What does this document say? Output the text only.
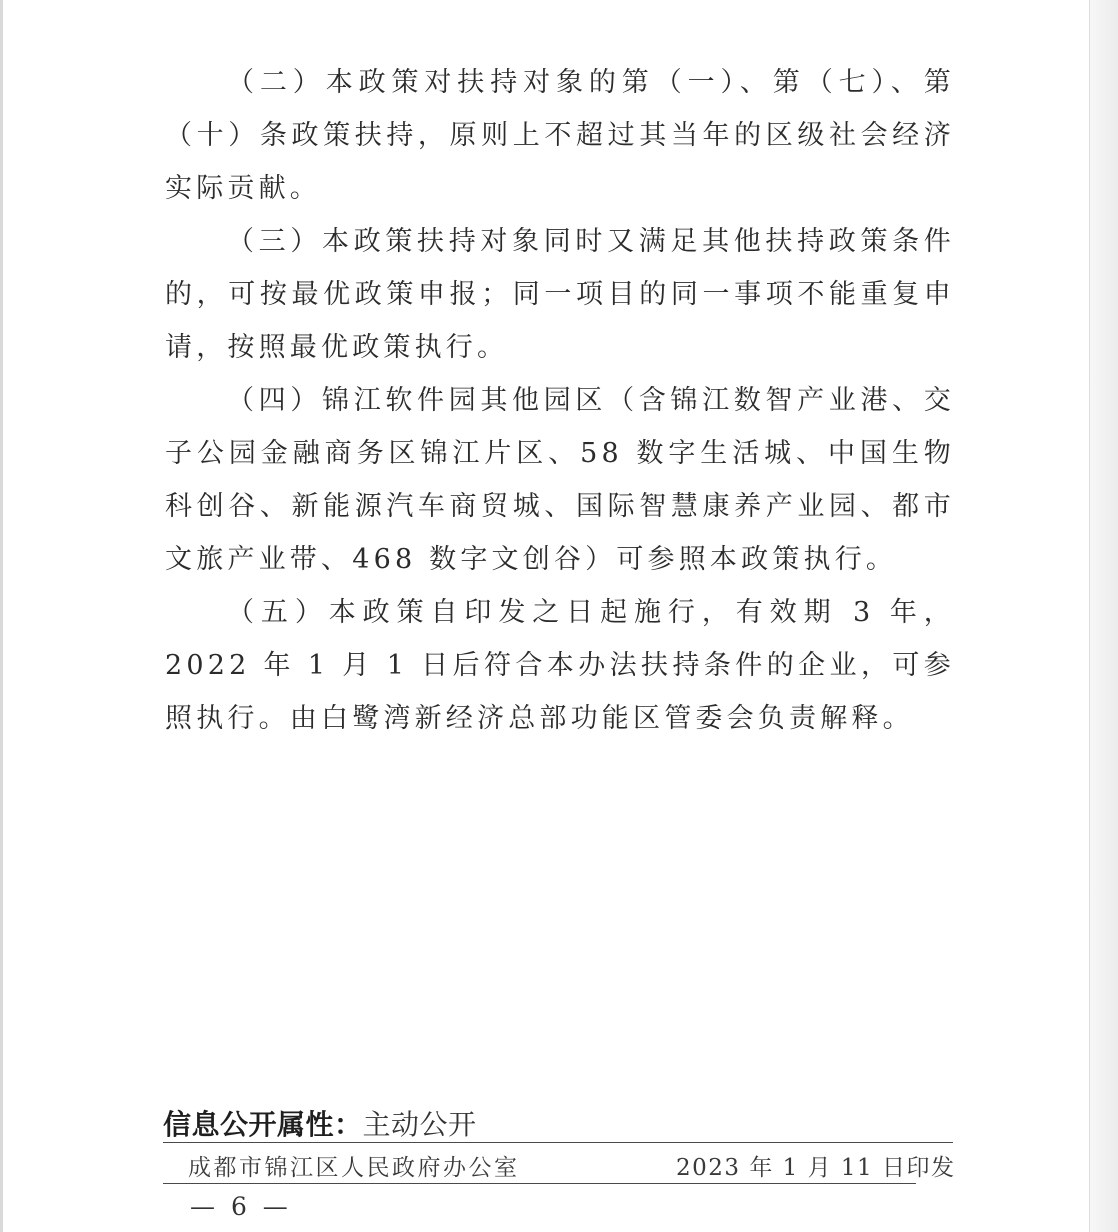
（二）本政策对扶持对象的第（一）、第（七）、第（十）条政策扶持，原则上不超过其当年的区级社会经济实际贡献。

（三）本政策扶持对象同时又满足其他扶持政策条件的，可按最优政策申报；同一项目的同一事项不能重复申请，按照最优政策执行。

（四）锦江软件园其他园区（含锦江数智产业港、交子公园金融商务区锦江片区、58 数字生活城、中国生物科创谷、新能源汽车商贸城、国际智慧康养产业园、都市文旅产业带、468 数字文创谷）可参照本政策执行。

（五）本政策自印发之日起施行，有效期 3 年，2022 年 1 月 1 日后符合本办法扶持条件的企业，可参照执行。由白鹭湾新经济总部功能区管委会负责解释。

信息公开属性：主动公开
成都市锦江区人民政府办公室	2023 年 1 月 11 日印发
— 6 —
